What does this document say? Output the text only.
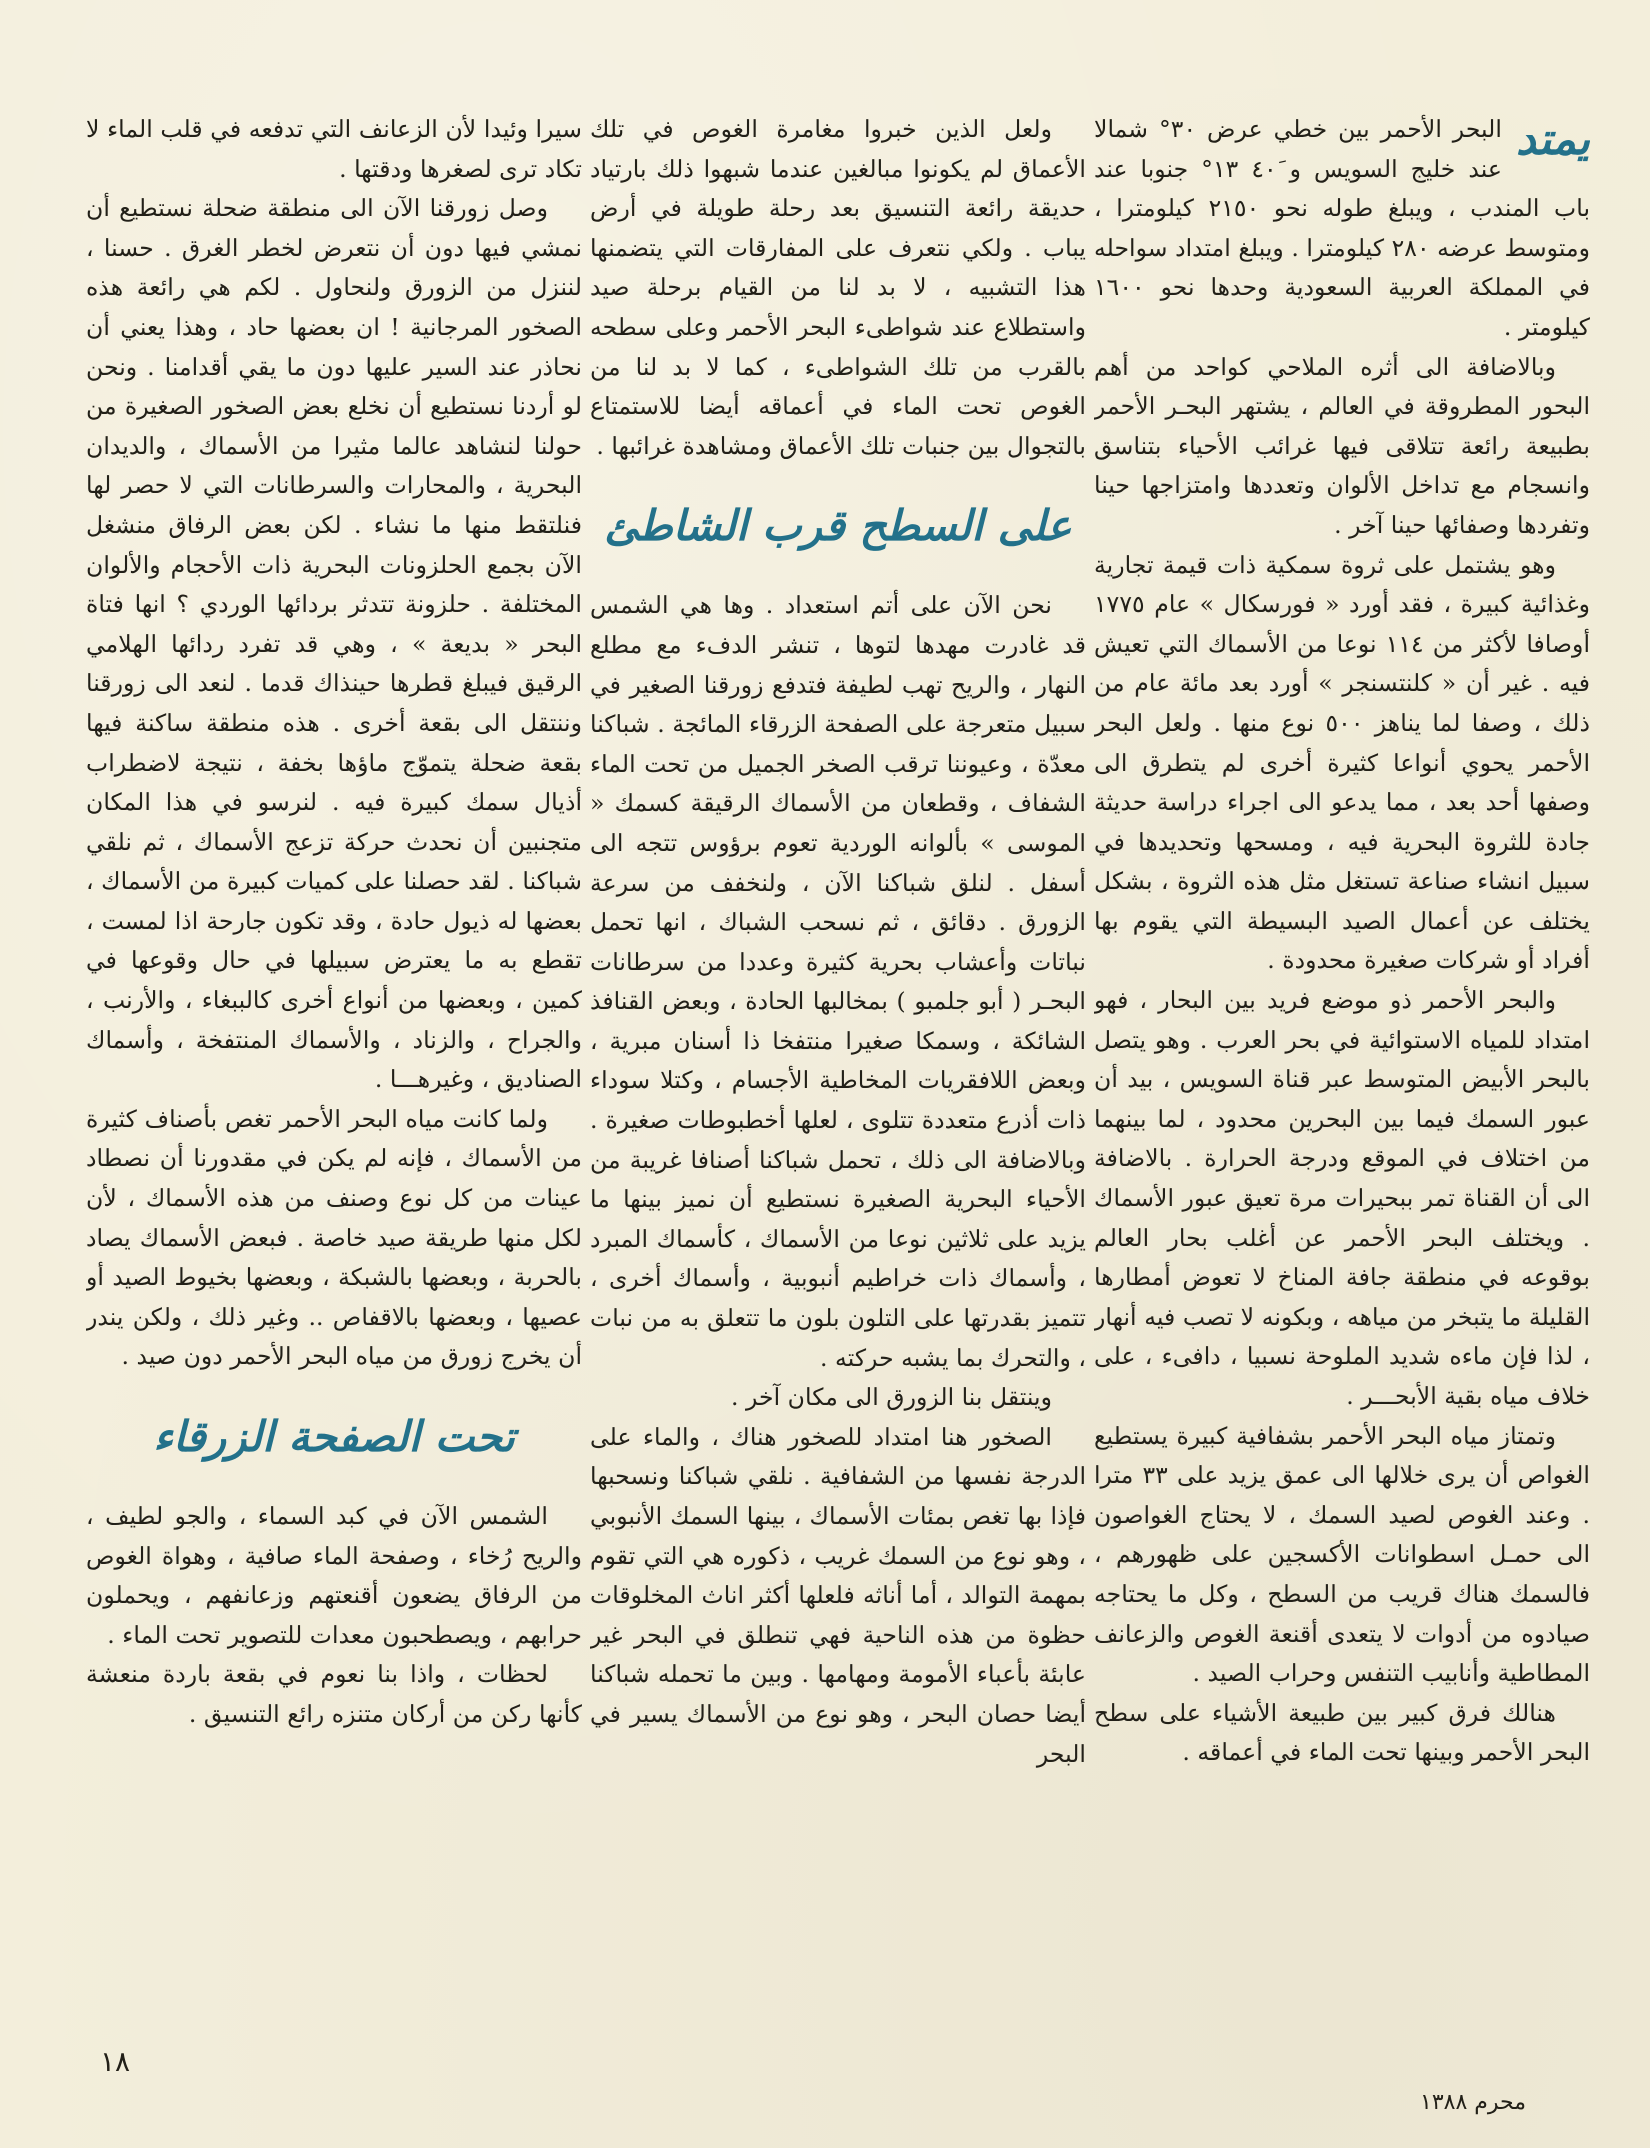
يمتد
البحر الأحمر بين خطي عرض ٣٠° شمالا عند خليج السويس و ٤٠َ ١٣° جنوبا عند باب المندب ، ويبلغ طوله نحو ٢١٥٠ كيلومترا ، ومتوسط عرضه ٢٨٠ كيلومترا . ويبلغ امتداد سواحله في المملكة العربية السعودية وحدها نحو ١٦٠٠ كيلومتر .

وبالاضافة الى أثره الملاحي كواحد من أهم البحور المطروقة في العالم ، يشتهر البحـر الأحمر بطبيعة رائعة تتلاقى فيها غرائب الأحياء بتناسق وانسجام مع تداخل الألوان وتعددها وامتزاجها حينا وتفردها وصفائها حينا آخر .

وهو يشتمل على ثروة سمكية ذات قيمة تجارية وغذائية كبيرة ، فقد أورد « فورسكال » عام ١٧٧٥ أوصافا لأكثر من ١١٤ نوعا من الأسماك التي تعيش فيه . غير أن « كلنتسنجر » أورد بعد مائة عام من ذلك ، وصفا لما يناهز ٥٠٠ نوع منها . ولعل البحر الأحمر يحوي أنواعا كثيرة أخرى لم يتطرق الى وصفها أحد بعد ، مما يدعو الى اجراء دراسة حديثة جادة للثروة البحرية فيه ، ومسحها وتحديدها في سبيل انشاء صناعة تستغل مثل هذه الثروة ، بشكل يختلف عن أعمال الصيد البسيطة التي يقوم بها أفراد أو شركات صغيرة محدودة .

والبحر الأحمر ذو موضع فريد بين البحار ، فهو امتداد للمياه الاستوائية في بحر العرب . وهو يتصل بالبحر الأبيض المتوسط عبر قناة السويس ، بيد أن عبور السمك فيما بين البحرين محدود ، لما بينهما من اختلاف في الموقع ودرجة الحرارة . بالاضافة الى أن القناة تمر ببحيرات مرة تعيق عبور الأسماك . ويختلف البحر الأحمر عن أغلب بحار العالم بوقوعه في منطقة جافة المناخ لا تعوض أمطارها القليلة ما يتبخر من مياهه ، وبكونه لا تصب فيه أنهار ، لذا فإن ماءه شديد الملوحة نسبيا ، دافىء ، على خلاف مياه بقية الأبحـــر .

وتمتاز مياه البحر الأحمر بشفافية كبيرة يستطيع الغواص أن يرى خلالها الى عمق يزيد على ٣٣ مترا . وعند الغوص لصيد السمك ، لا يحتاج الغواصون الى حمـل اسطوانات الأكسجين على ظهورهم ، فالسمك هناك قريب من السطح ، وكل ما يحتاجه صيادوه من أدوات لا يتعدى أقنعة الغوص والزعانف المطاطية وأنابيب التنفس وحراب الصيد .

هنالك فرق كبير بين طبيعة الأشياء على سطح البحر الأحمر وبينها تحت الماء في أعماقه .

ولعل الذين خبروا مغامرة الغوص في تلك الأعماق لم يكونوا مبالغين عندما شبهوا ذلك بارتياد حديقة رائعة التنسيق بعد رحلة طويلة في أرض يباب . ولكي نتعرف على المفارقات التي يتضمنها هذا التشبيه ، لا بد لنا من القيام برحلة صيد واستطلاع عند شواطىء البحر الأحمر وعلى سطحه بالقرب من تلك الشواطىء ، كما لا بد لنا من الغوص تحت الماء في أعماقه أيضا للاستمتاع بالتجوال بين جنبات تلك الأعماق ومشاهدة غرائبها .

على السطح قرب الشاطئ

نحن الآن على أتم استعداد . وها هي الشمس قد غادرت مهدها لتوها ، تنشر الدفء مع مطلع النهار ، والريح تهب لطيفة فتدفع زورقنا الصغير في سبيل متعرجة على الصفحة الزرقاء المائجة . شباكنا معدّة ، وعيوننا ترقب الصخر الجميل من تحت الماء الشفاف ، وقطعان من الأسماك الرقيقة كسمك « الموسى » بألوانه الوردية تعوم برؤوس تتجه الى أسفل . لنلق شباكنا الآن ، ولنخفف من سرعة الزورق . دقائق ، ثم نسحب الشباك ، انها تحمل نباتات وأعشاب بحرية كثيرة وعددا من سرطانات البحـر ( أبو جلمبو ) بمخالبها الحادة ، وبعض القنافذ الشائكة ، وسمكا صغيرا منتفخا ذا أسنان مبرية ، وبعض اللافقريات المخاطية الأجسام ، وكتلا سوداء ذات أذرع متعددة تتلوى ، لعلها أخطبوطات صغيرة . وبالاضافة الى ذلك ، تحمل شباكنا أصنافا غريبة من الأحياء البحرية الصغيرة نستطيع أن نميز بينها ما يزيد على ثلاثين نوعا من الأسماك ، كأسماك المبرد ، وأسماك ذات خراطيم أنبوبية ، وأسماك أخرى ، تتميز بقدرتها على التلون بلون ما تتعلق به من نبات ، والتحرك بما يشبه حركته .

وينتقل بنا الزورق الى مكان آخر .

الصخور هنا امتداد للصخور هناك ، والماء على الدرجة نفسها من الشفافية . نلقي شباكنا ونسحبها فإذا بها تغص بمئات الأسماك ، بينها السمك الأنبوبي ، وهو نوع من السمك غريب ، ذكوره هي التي تقوم بمهمة التوالد ، أما أناثه فلعلها أكثر اناث المخلوقات حظوة من هذه الناحية فهي تنطلق في البحر غير عابئة بأعباء الأمومة ومهامها . وبين ما تحمله شباكنا أيضا حصان البحر ، وهو نوع من الأسماك يسير في البحر

سيرا وئيدا لأن الزعانف التي تدفعه في قلب الماء لا تكاد ترى لصغرها ودقتها .

وصل زورقنا الآن الى منطقة ضحلة نستطيع أن نمشي فيها دون أن نتعرض لخطر الغرق . حسنا ، لننزل من الزورق ولنحاول . لكم هي رائعة هذه الصخور المرجانية ! ان بعضها حاد ، وهذا يعني أن نحاذر عند السير عليها دون ما يقي أقدامنا . ونحن لو أردنا نستطيع أن نخلع بعض الصخور الصغيرة من حولنا لنشاهد عالما مثيرا من الأسماك ، والديدان البحرية ، والمحارات والسرطانات التي لا حصر لها فنلتقط منها ما نشاء . لكن بعض الرفاق منشغل الآن بجمع الحلزونات البحرية ذات الأحجام والألوان المختلفة . حلزونة تتدثر بردائها الوردي ؟ انها فتاة البحر « بديعة » ، وهي قد تفرد ردائها الهلامي الرقيق فيبلغ قطرها حينذاك قدما . لنعد الى زورقنا وننتقل الى بقعة أخرى . هذه منطقة ساكنة فيها بقعة ضحلة يتموّج ماؤها بخفة ، نتيجة لاضطراب أذيال سمك كبيرة فيه . لنرسو في هذا المكان متجنبين أن نحدث حركة تزعج الأسماك ، ثم نلقي شباكنا . لقد حصلنا على كميات كبيرة من الأسماك ، بعضها له ذيول حادة ، وقد تكون جارحة اذا لمست ، تقطع به ما يعترض سبيلها في حال وقوعها في كمين ، وبعضها من أنواع أخرى كالببغاء ، والأرنب ، والجراح ، والزناد ، والأسماك المنتفخة ، وأسماك الصناديق ، وغيرهـــا .

ولما كانت مياه البحر الأحمر تغص بأصناف كثيرة من الأسماك ، فإنه لم يكن في مقدورنا أن نصطاد عينات من كل نوع وصنف من هذه الأسماك ، لأن لكل منها طريقة صيد خاصة . فبعض الأسماك يصاد بالحربة ، وبعضها بالشبكة ، وبعضها بخيوط الصيد أو عصيها ، وبعضها بالاقفاص .. وغير ذلك ، ولكن يندر أن يخرج زورق من مياه البحر الأحمر دون صيد .

تحت الصفحة الزرقاء

الشمس الآن في كبد السماء ، والجو لطيف ، والريح رُخاء ، وصفحة الماء صافية ، وهواة الغوص من الرفاق يضعون أقنعتهم وزعانفهم ، ويحملون حرابهم ، ويصطحبون معدات للتصوير تحت الماء .

لحظات ، واذا بنا نعوم في بقعة باردة منعشة كأنها ركن من أركان متنزه رائع التنسيق .

١٨
محرم ١٣٨٨
